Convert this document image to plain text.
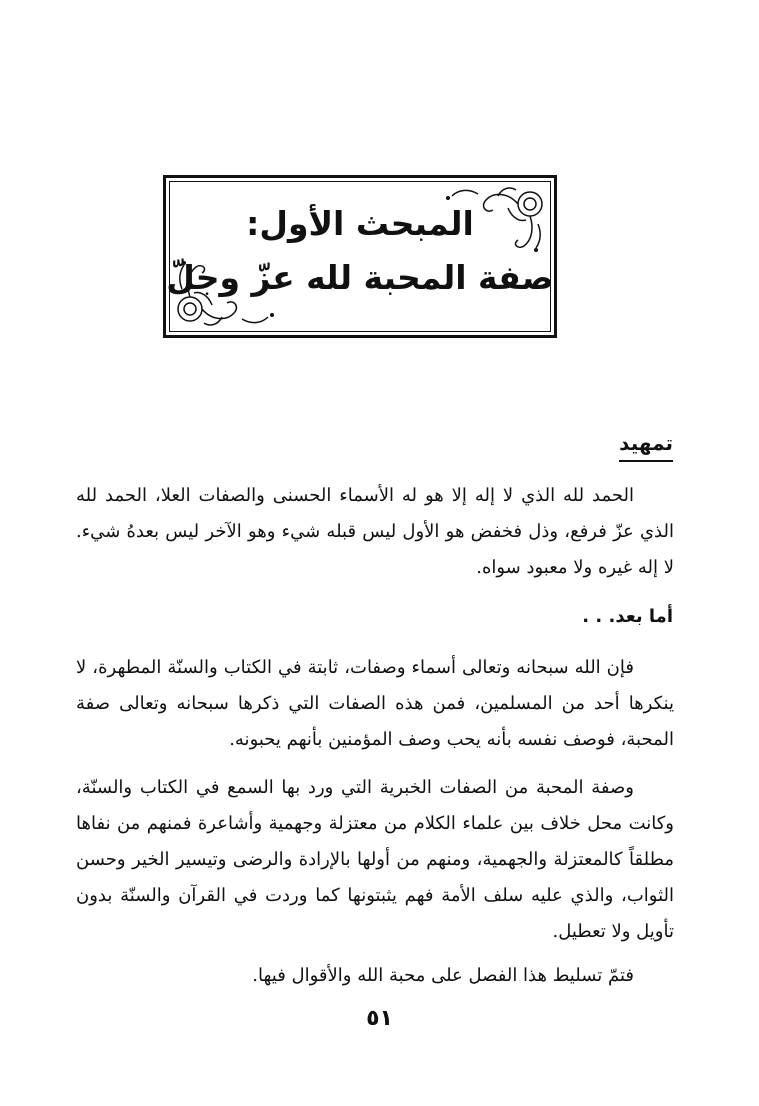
المبحث الأول:
صفة المحبة لله عزّ وجلّ
تمهيد

الحمد لله الذي لا إله إلا هو له الأسماء الحسنى والصفات العلا، الحمد لله الذي عزّ فرفع، وذل فخفض هو الأول ليس قبله شيء وهو الآخر ليس بعدهُ شيء. لا إله غيره ولا معبود سواه.

أما بعد. . .

فإن الله سبحانه وتعالى أسماء وصفات، ثابتة في الكتاب والسنّة المطهرة، لا ينكرها أحد من المسلمين، فمن هذه الصفات التي ذكرها سبحانه وتعالى صفة المحبة، فوصف نفسه بأنه يحب وصف المؤمنين بأنهم يحبونه.

وصفة المحبة من الصفات الخبرية التي ورد بها السمع في الكتاب والسنّة، وكانت محل خلاف بين علماء الكلام من معتزلة وجهمية وأشاعرة فمنهم من نفاها مطلقاً كالمعتزلة والجهمية، ومنهم من أولها بالإرادة والرضى وتيسير الخير وحسن الثواب، والذي عليه سلف الأمة فهم يثبتونها كما وردت في القرآن والسنّة بدون تأويل ولا تعطيل.

فتمّ تسليط هذا الفصل على محبة الله والأقوال فيها.

٥١
